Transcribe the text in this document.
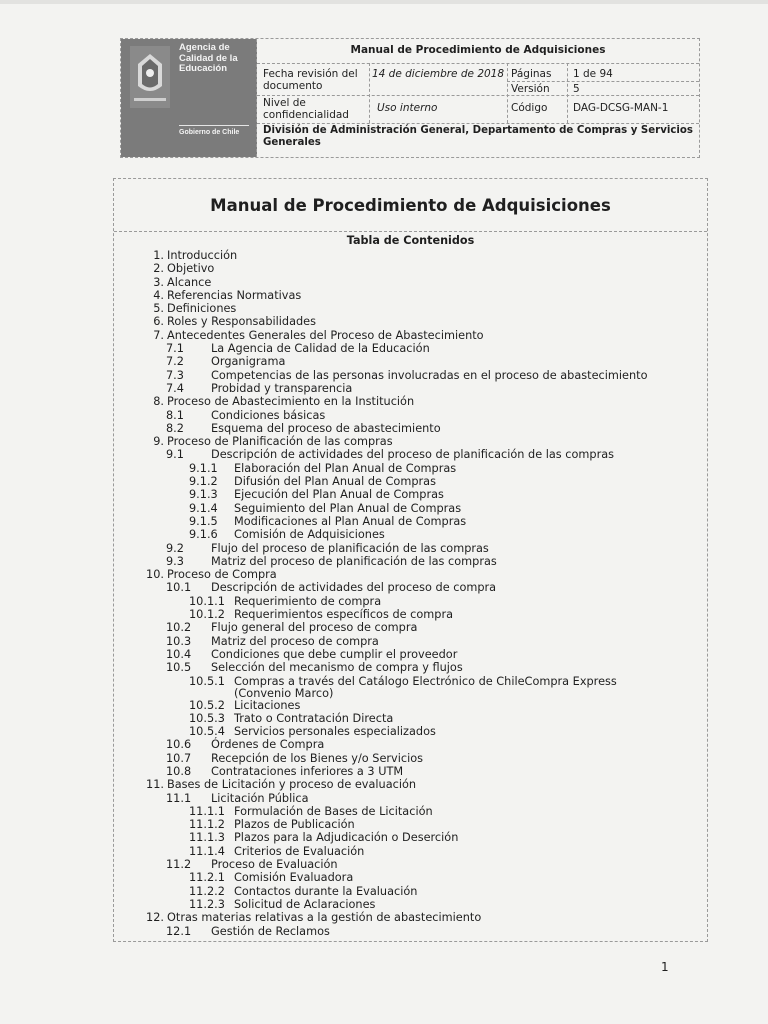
Agencia de
Calidad de la
Educación
Gobierno de Chile
Manual de Procedimiento de Adquisiciones
Fecha revisión del documento
14 de diciembre de 2018 Páginas 1 de 94
Versión 5
Nivel de confidencialidad
Uso interno	Código DAG-DCSG-MAN-1
División de Administración General, Departamento de Compras y Servicios Generales
Manual de Procedimiento de Adquisiciones
Tabla de Contenidos
1. Introducción
2. Objetivo
3. Alcance
4. Referencias Normativas
5. Definiciones
6. Roles y Responsabilidades
7. Antecedentes Generales del Proceso de Abastecimiento
7.1 La Agencia de Calidad de la Educación
7.2 Organigrama
7.3 Competencias de las personas involucradas en el proceso de abastecimiento
7.4 Probidad y transparencia
8. Proceso de Abastecimiento en la Institución
8.1 Condiciones básicas
8.2 Esquema del proceso de abastecimiento
9. Proceso de Planificación de las compras
9.1 Descripción de actividades del proceso de planificación de las compras
9.1.1 Elaboración del Plan Anual de Compras
9.1.2 Difusión del Plan Anual de Compras
9.1.3 Ejecución del Plan Anual de Compras
9.1.4 Seguimiento del Plan Anual de Compras
9.1.5 Modificaciones al Plan Anual de Compras
9.1.6 Comisión de Adquisiciones
9.2 Flujo del proceso de planificación de las compras
9.3 Matriz del proceso de planificación de las compras
10. Proceso de Compra
10.1 Descripción de actividades del proceso de compra
10.1.1 Requerimiento de compra
10.1.2 Requerimientos específicos de compra
10.2 Flujo general del proceso de compra
10.3 Matriz del proceso de compra
10.4 Condiciones que debe cumplir el proveedor
10.5 Selección del mecanismo de compra y flujos
10.5.1 Compras a través del Catálogo Electrónico de ChileCompra Express
(Convenio Marco)
10.5.2 Licitaciones
10.5.3 Trato o Contratación Directa
10.5.4 Servicios personales especializados
10.6 Órdenes de Compra
10.7 Recepción de los Bienes y/o Servicios
10.8 Contrataciones inferiores a 3 UTM
11. Bases de Licitación y proceso de evaluación
11.1 Licitación Pública
11.1.1 Formulación de Bases de Licitación
11.1.2 Plazos de Publicación
11.1.3 Plazos para la Adjudicación o Deserción
11.1.4 Criterios de Evaluación
11.2 Proceso de Evaluación
11.2.1 Comisión Evaluadora
11.2.2 Contactos durante la Evaluación
11.2.3 Solicitud de Aclaraciones
12. Otras materias relativas a la gestión de abastecimiento
12.1 Gestión de Reclamos
1
